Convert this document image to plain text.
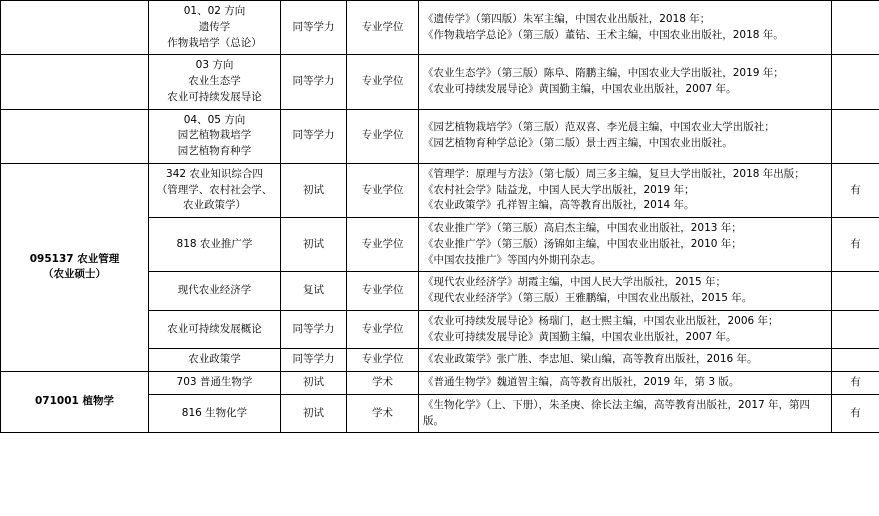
	01、02 方向
遗传学
作物栽培学（总论）	同等学力	专业学位	《遗传学》（第四版）朱军主编，中国农业出版社，2018 年；
《作物栽培学总论》（第三版）董钻、王术主编，中国农业出版社，2018 年。	

	03 方向
农业生态学
农业可持续发展导论	同等学力	专业学位	《农业生态学》（第三版）陈阜、隋鹏主编，中国农业大学出版社，2019 年；
《农业可持续发展导论》黄国勤主编，中国农业出版社，2007 年。	

	04、05 方向
园艺植物栽培学
园艺植物育种学	同等学力	专业学位	《园艺植物栽培学》（第三版）范双喜、李光晨主编，中国农业大学出版社；
《园艺植物育种学总论》（第二版）景士西主编，中国农业出版社。	

095137 农业管理
（农业硕士）	342 农业知识综合四
（管理学、农村社会学、
农业政策学）	初试	专业学位	《管理学：原理与方法》（第七版）周三多主编，复旦大学出版社，2018 年出版；
《农村社会学》陆益龙，中国人民大学出版社，2019 年；
《农业政策学》孔祥智主编，高等教育出版社，2014 年。	有
	818 农业推广学	初试	专业学位	《农业推广学》（第三版）高启杰主编，中国农业出版社，2013 年；
《农业推广学》（第三版）汤锦如主编，中国农业出版社，2010 年；
《中国农技推广》等国内外期刊杂志。	有
	现代农业经济学	复试	专业学位	《现代农业经济学》胡霞主编，中国人民大学出版社，2015 年；
《现代农业经济学》（第三版）王雅鹏编，中国农业出版社，2015 年。	

	农业可持续发展概论	同等学力	专业学位	《农业可持续发展导论》杨瑞门，赵士熙主编，中国农业出版社，2006 年；
《农业可持续发展导论》黄国勤主编，中国农业出版社，2007 年。	

	农业政策学	同等学力	专业学位	《农业政策学》张广胜、李忠旭、梁山编，高等教育出版社，2016 年。	

071001 植物学	703 普通生物学	初试	学术	《普通生物学》魏道智主编，高等教育出版社，2019 年，第 3 版。	有
	816 生物化学	初试	学术	《生物化学》（上、下册），朱圣庚、徐长法主编，高等教育出版社，2017 年，第四版。	有
